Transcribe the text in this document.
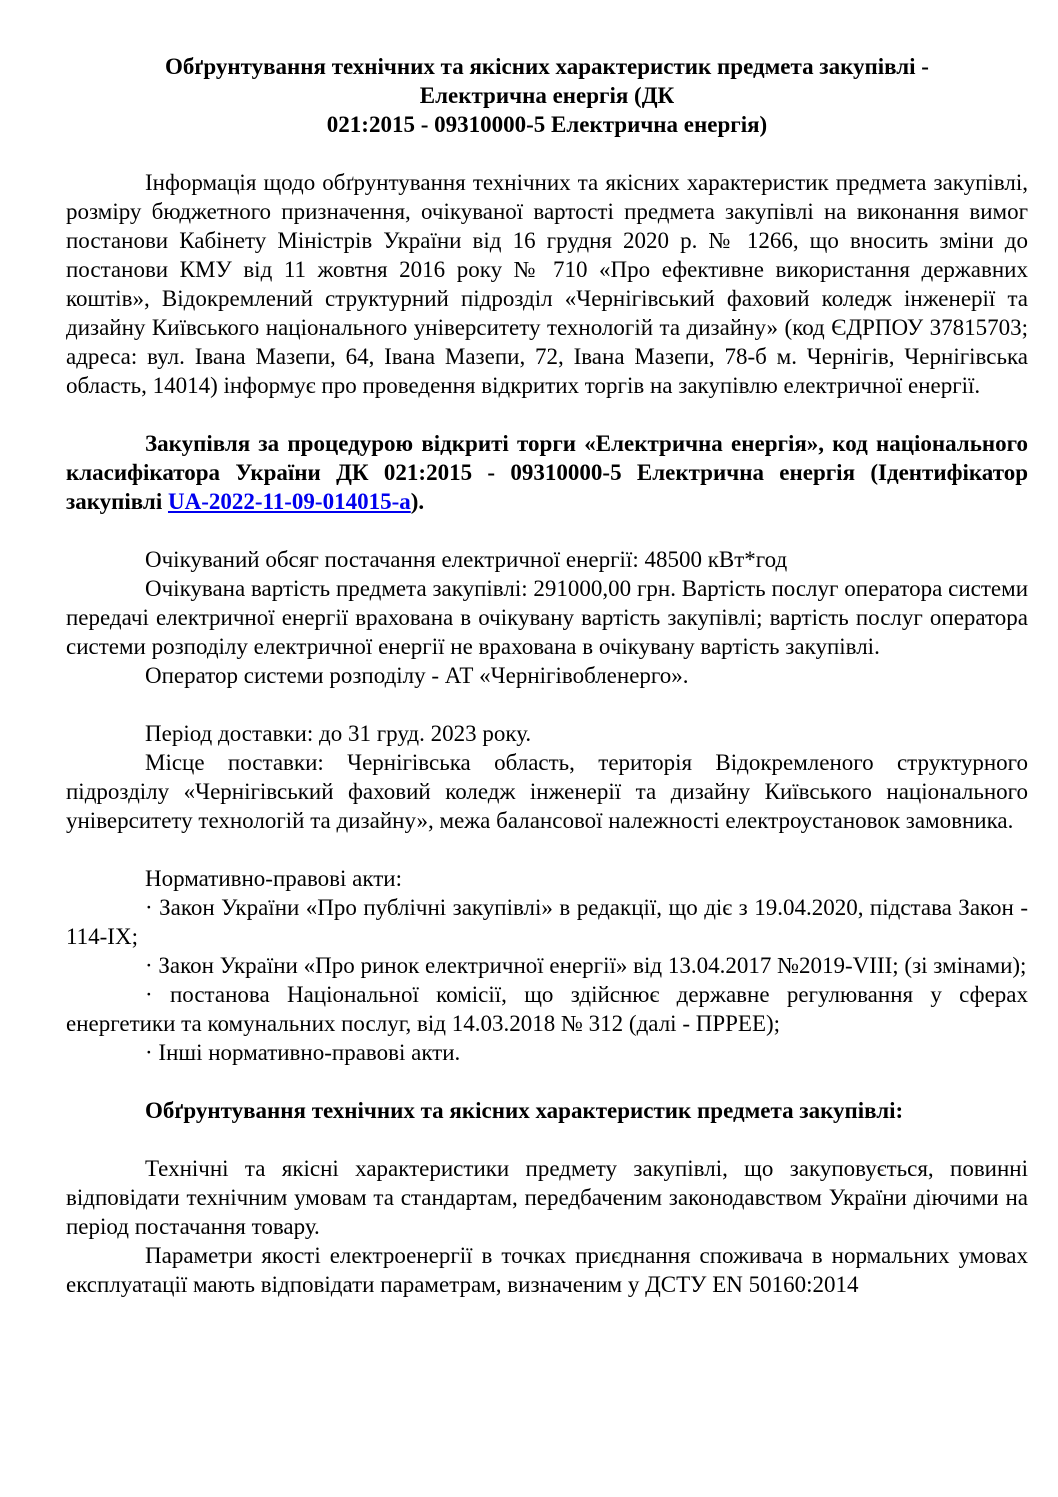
Обґрунтування технічних та якісних характеристик предмета закупівлі -

Електрична енергія (ДК

021:2015 - 09310000-5 Електрична енергія)

Інформація щодо обґрунтування технічних та якісних характеристик предмета закупівлі, розміру бюджетного призначення, очікуваної вартості предмета закупівлі на виконання вимог постанови Кабінету Міністрів України від 16 грудня 2020 р. № 1266, що вносить зміни до постанови КМУ від 11 жовтня 2016 року № 710 «Про ефективне використання державних коштів», Відокремлений структурний підрозділ «Чернігівський фаховий коледж інженерії та дизайну Київського національного університету технологій та дизайну» (код ЄДРПОУ 37815703; адреса: вул. Івана Мазепи, 64, Івана Мазепи, 72, Івана Мазепи, 78-б м. Чернігів, Чернігівська область, 14014) інформує про проведення відкритих торгів на закупівлю електричної енергії.

Закупівля за процедурою відкриті торги «Електрична енергія», код національного класифікатора України ДК 021:2015 - 09310000-5 Електрична енергія (Ідентифікатор закупівлі UA-2022-11-09-014015-a).

Очікуваний обсяг постачання електричної енергії: 48500 кВт*год

Очікувана вартість предмета закупівлі: 291000,00 грн. Вартість послуг оператора системи передачі електричної енергії врахована в очікувану вартість закупівлі; вартість послуг оператора системи розподілу електричної енергії не врахована в очікувану вартість закупівлі.

Оператор системи розподілу - АТ «Чернігівобленерго».

Період доставки: до 31 груд. 2023 року.

Місце поставки: Чернігівська область, територія Відокремленого структурного підрозділу «Чернігівський фаховий коледж інженерії та дизайну Київського національного університету технологій та дизайну», межа балансової належності електроустановок замовника.

Нормативно-правові акти:

· Закон України «Про публічні закупівлі» в редакції, що діє з 19.04.2020, підстава Закон - 114-IX;

· Закон України «Про ринок електричної енергії» від 13.04.2017 №2019-VIII; (зі змінами);

· постанова Національної комісії, що здійснює державне регулювання у сферах енергетики та комунальних послуг, від 14.03.2018 № 312 (далі - ПРРЕЕ);

· Інші нормативно-правові акти.

Обґрунтування технічних та якісних характеристик предмета закупівлі:

Технічні та якісні характеристики предмету закупівлі, що закуповується, повинні відповідати технічним умовам та стандартам, передбаченим законодавством України діючими на період постачання товару.

Параметри якості електроенергії в точках приєднання споживача в нормальних умовах експлуатації мають відповідати параметрам, визначеним у ДСТУ EN 50160:2014
